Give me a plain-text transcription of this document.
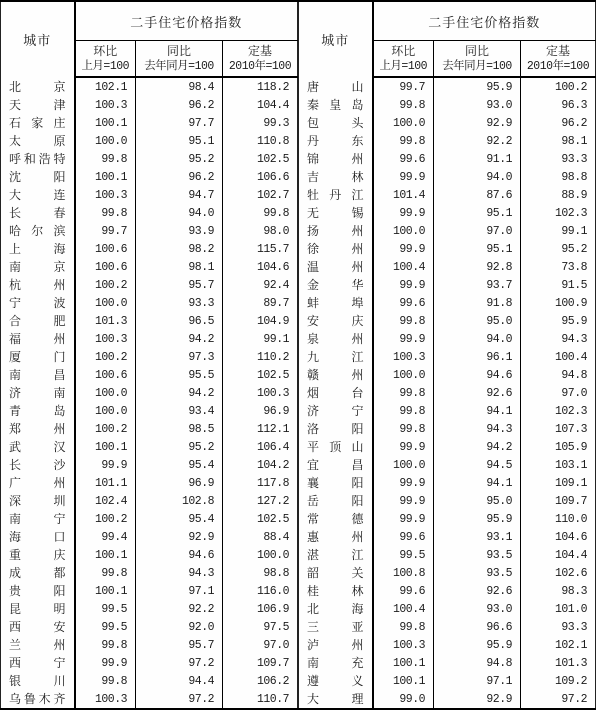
城市	二手住宅价格指数		

环比
上月=100

同比
去年同月=100

定基
2010年=100

北 京	102.1	98.4	118.2

天 津	100.3	96.2	104.4

石 家 庄	100.1	97.7	99.3

太 原	100.0	95.1	110.8

呼 和 浩 特	99.8	95.2	102.5

沈 阳	100.1	96.2	106.6

大 连	100.3	94.7	102.7

长 春	99.8	94.0	99.8

哈 尔 滨	99.7	93.9	98.0

上 海	100.6	98.2	115.7

南 京	100.6	98.1	104.6

杭 州	100.2	95.7	92.4

宁 波	100.0	93.3	89.7

合 肥	101.3	96.5	104.9

福 州	100.3	94.2	99.1

厦 门	100.2	97.3	110.2

南 昌	100.6	95.5	102.5

济 南	100.0	94.2	100.3

青 岛	100.0	93.4	96.9

郑 州	100.2	98.5	112.1

武 汉	100.1	95.2	106.4

长 沙	99.9	95.4	104.2

广 州	101.1	96.9	117.8

深 圳	102.4	102.8	127.2

南 宁	100.2	95.4	102.5

海 口	99.4	92.9	88.4

重 庆	100.1	94.6	100.0

成 都	99.8	94.3	98.8

贵 阳	100.1	97.1	116.0

昆 明	99.5	92.2	106.9

西 安	99.5	92.0	97.5

兰 州	99.8	95.7	97.0

西 宁	99.9	97.2	109.7

银 川	99.8	94.4	106.2

乌 鲁 木 齐	100.3	97.2	110.7
城市	二手住宅价格指数		

环比
上月=100

同比
去年同月=100

定基
2010年=100

唐 山	99.7	95.9	100.2

秦 皇 岛	99.8	93.0	96.3

包 头	100.0	92.9	96.2

丹 东	99.8	92.2	98.1

锦 州	99.6	91.1	93.3

吉 林	99.9	94.0	98.8

牡 丹 江	101.4	87.6	88.9

无 锡	99.9	95.1	102.3

扬 州	100.0	97.0	99.1

徐 州	99.9	95.1	95.2

温 州	100.4	92.8	73.8

金 华	99.9	93.7	91.5

蚌 埠	99.6	91.8	100.9

安 庆	99.8	95.0	95.9

泉 州	99.9	94.0	94.3

九 江	100.3	96.1	100.4

赣 州	100.0	94.6	94.8

烟 台	99.8	92.6	97.0

济 宁	99.8	94.1	102.3

洛 阳	99.8	94.3	107.3

平 顶 山	99.9	94.2	105.9

宜 昌	100.0	94.5	103.1

襄 阳	99.9	94.1	109.1

岳 阳	99.9	95.0	109.7

常 德	99.9	95.9	110.0

惠 州	99.6	93.1	104.6

湛 江	99.5	93.5	104.4

韶 关	100.8	93.5	102.6

桂 林	99.6	92.6	98.3

北 海	100.4	93.0	101.0

三 亚	99.8	96.6	93.3

泸 州	100.3	95.9	102.1

南 充	100.1	94.8	101.3

遵 义	100.1	97.1	109.2

大 理	99.0	92.9	97.2
